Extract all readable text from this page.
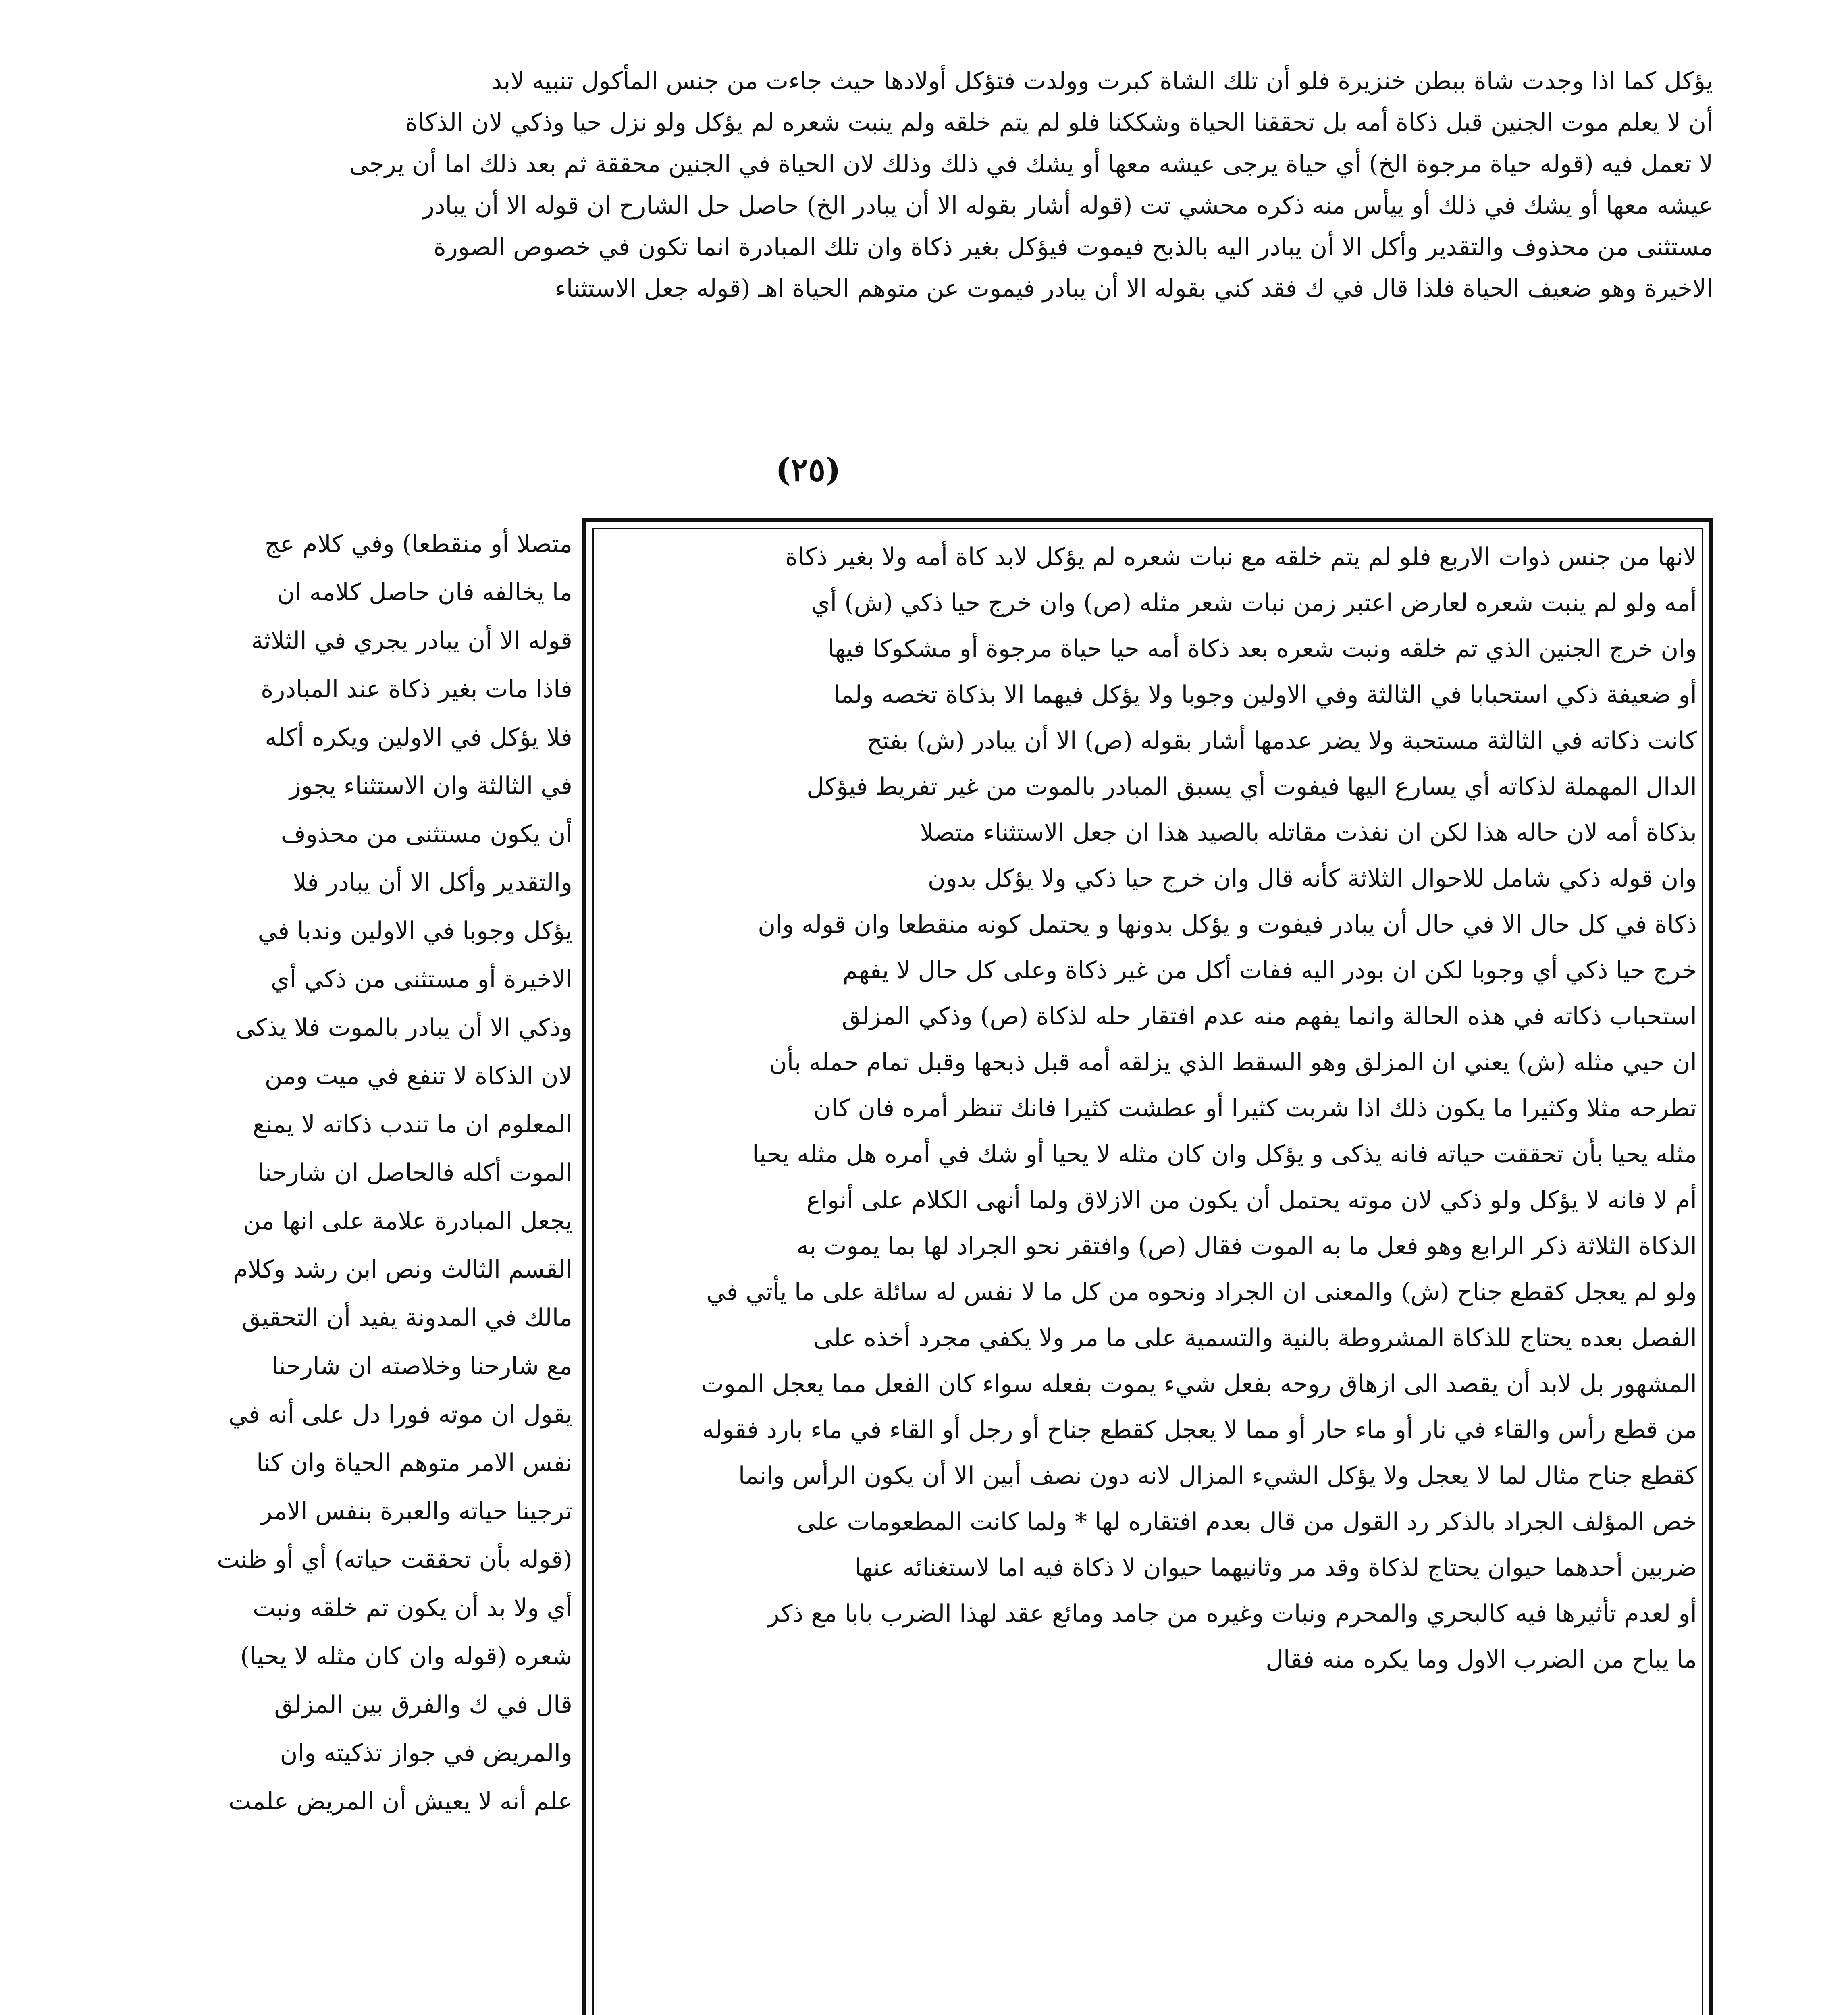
يؤكل كما اذا وجدت شاة ببطن خنزيرة فلو أن تلك الشاة كبرت وولدت فتؤكل أولادها حيث جاءت من جنس المأكول تنبيه لابد
أن لا يعلم موت الجنين قبل ذكاة أمه بل تحققنا الحياة وشككنا فلو لم يتم خلقه ولم ينبت شعره لم يؤكل ولو نزل حيا وذكي لان الذكاة
لا تعمل فيه (قوله حياة مرجوة الخ) أي حياة يرجى عيشه معها أو يشك في ذلك وذلك لان الحياة في الجنين محققة ثم بعد ذلك اما أن يرجى
عيشه معها أو يشك في ذلك أو ييأس منه ذكره محشي تت (قوله أشار بقوله الا أن يبادر الخ) حاصل حل الشارح ان قوله الا أن يبادر
مستثنى من محذوف والتقدير وأكل الا أن يبادر اليه بالذبح فيموت فيؤكل بغير ذكاة وان تلك المبادرة انما تكون في خصوص الصورة
الاخيرة وهو ضعيف الحياة فلذا قال في ك فقد كني بقوله الا أن يبادر فيموت عن متوهم الحياة اهـ (قوله جعل الاستثناء
(٢٥)
لانها من جنس ذوات الاربع فلو لم يتم خلقه مع نبات شعره لم يؤكل لابد كاة أمه ولا بغير ذكاة
أمه ولو لم ينبت شعره لعارض اعتبر زمن نبات شعر مثله (ص) وان خرج حيا ذكي (ش) أي
وان خرج الجنين الذي تم خلقه ونبت شعره بعد ذكاة أمه حيا حياة مرجوة أو مشكوكا فيها
أو ضعيفة ذكي استحبابا في الثالثة وفي الاولين وجوبا ولا يؤكل فيهما الا بذكاة تخصه ولما
كانت ذكاته في الثالثة مستحبة ولا يضر عدمها أشار بقوله (ص) الا أن يبادر (ش) بفتح
الدال المهملة لذكاته أي يسارع اليها فيفوت أي يسبق المبادر بالموت من غير تفريط فيؤكل
بذكاة أمه لان حاله هذا لكن ان نفذت مقاتله بالصيد هذا ان جعل الاستثناء متصلا
وان قوله ذكي شامل للاحوال الثلاثة كأنه قال وان خرج حيا ذكي ولا يؤكل بدون
ذكاة في كل حال الا في حال أن يبادر فيفوت و يؤكل بدونها و يحتمل كونه منقطعا وان قوله وان
خرج حيا ذكي أي وجوبا لكن ان بودر اليه ففات أكل من غير ذكاة وعلى كل حال لا يفهم
استحباب ذكاته في هذه الحالة وانما يفهم منه عدم افتقار حله لذكاة (ص) وذكي المزلق
ان حيي مثله (ش) يعني ان المزلق وهو السقط الذي يزلقه أمه قبل ذبحها وقبل تمام حمله بأن
تطرحه مثلا وكثيرا ما يكون ذلك اذا شربت كثيرا أو عطشت كثيرا فانك تنظر أمره فان كان
مثله يحيا بأن تحققت حياته فانه يذكى و يؤكل وان كان مثله لا يحيا أو شك في أمره هل مثله يحيا
أم لا فانه لا يؤكل ولو ذكي لان موته يحتمل أن يكون من الازلاق ولما أنهى الكلام على أنواع
الذكاة الثلاثة ذكر الرابع وهو فعل ما به الموت فقال (ص) وافتقر نحو الجراد لها بما يموت به
ولو لم يعجل كقطع جناح (ش) والمعنى ان الجراد ونحوه من كل ما لا نفس له سائلة على ما يأتي في
الفصل بعده يحتاج للذكاة المشروطة بالنية والتسمية على ما مر ولا يكفي مجرد أخذه على
المشهور بل لابد أن يقصد الى ازهاق روحه بفعل شيء يموت بفعله سواء كان الفعل مما يعجل الموت
من قطع رأس والقاء في نار أو ماء حار أو مما لا يعجل كقطع جناح أو رجل أو القاء في ماء بارد فقوله
كقطع جناح مثال لما لا يعجل ولا يؤكل الشيء المزال لانه دون نصف أبين الا أن يكون الرأس وانما
خص المؤلف الجراد بالذكر رد القول من قال بعدم افتقاره لها * ولما كانت المطعومات على
ضربين أحدهما حيوان يحتاج لذكاة وقد مر وثانيهما حيوان لا ذكاة فيه اما لاستغنائه عنها
أو لعدم تأثيرها فيه كالبحري والمحرم ونبات وغيره من جامد ومائع عقد لهذا الضرب بابا مع ذكر
ما يباح من الضرب الاول وما يكره منه فقال
متصلا أو منقطعا) وفي كلام عج
ما يخالفه فان حاصل كلامه ان
قوله الا أن يبادر يجري في الثلاثة
فاذا مات بغير ذكاة عند المبادرة
فلا يؤكل في الاولين ويكره أكله
في الثالثة وان الاستثناء يجوز
أن يكون مستثنى من محذوف
والتقدير وأكل الا أن يبادر فلا
يؤكل وجوبا في الاولين وندبا في
الاخيرة أو مستثنى من ذكي أي
وذكي الا أن يبادر بالموت فلا يذكى
لان الذكاة لا تنفع في ميت ومن
المعلوم ان ما تندب ذكاته لا يمنع
الموت أكله فالحاصل ان شارحنا
يجعل المبادرة علامة على انها من
القسم الثالث ونص ابن رشد وكلام
مالك في المدونة يفيد أن التحقيق
مع شارحنا وخلاصته ان شارحنا
يقول ان موته فورا دل على أنه في
نفس الامر متوهم الحياة وان كنا
ترجينا حياته والعبرة بنفس الامر
(قوله بأن تحققت حياته) أي أو ظنت
أي ولا بد أن يكون تم خلقه ونبت
شعره (قوله وان كان مثله لا يحيا)
قال في ك والفرق بين المزلق
والمريض في جواز تذكيته وان
علم أنه لا يعيش أن المريض علمت
